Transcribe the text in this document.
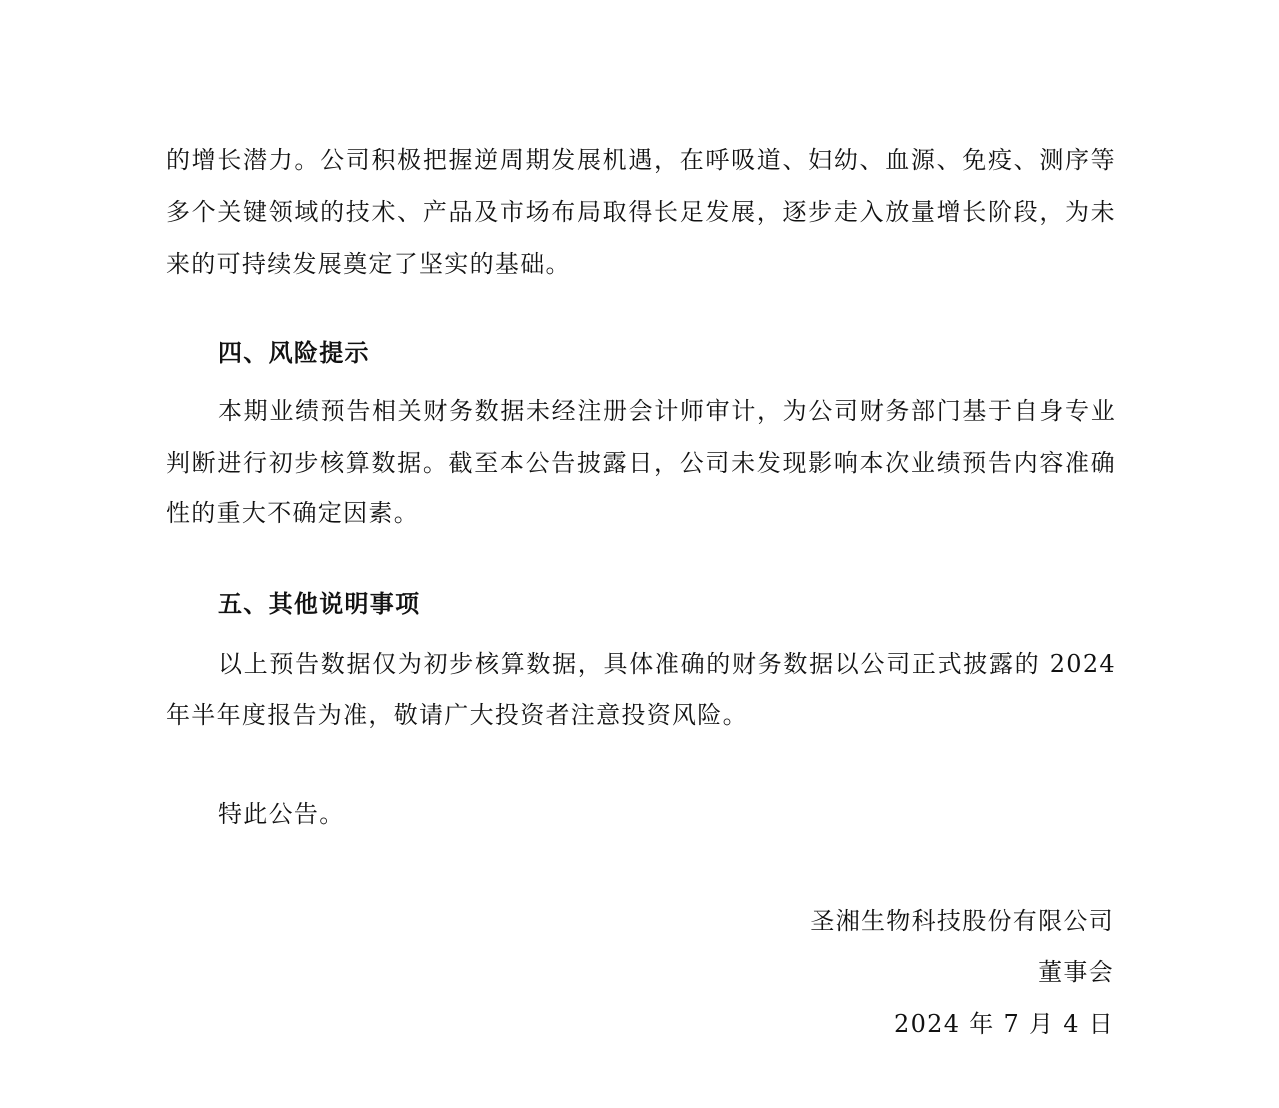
的增长潜力。公司积极把握逆周期发展机遇，在呼吸道、妇幼、血源、免疫、测序等
多个关键领域的技术、产品及市场布局取得长足发展，逐步走入放量增长阶段，为未
来的可持续发展奠定了坚实的基础。
四、风险提示
本期业绩预告相关财务数据未经注册会计师审计，为公司财务部门基于自身专业
判断进行初步核算数据。截至本公告披露日，公司未发现影响本次业绩预告内容准确
性的重大不确定因素。
五、其他说明事项
以上预告数据仅为初步核算数据，具体准确的财务数据以公司正式披露的 2024
年半年度报告为准，敬请广大投资者注意投资风险。
特此公告。
圣湘生物科技股份有限公司
董事会
2024 年 7 月 4 日
